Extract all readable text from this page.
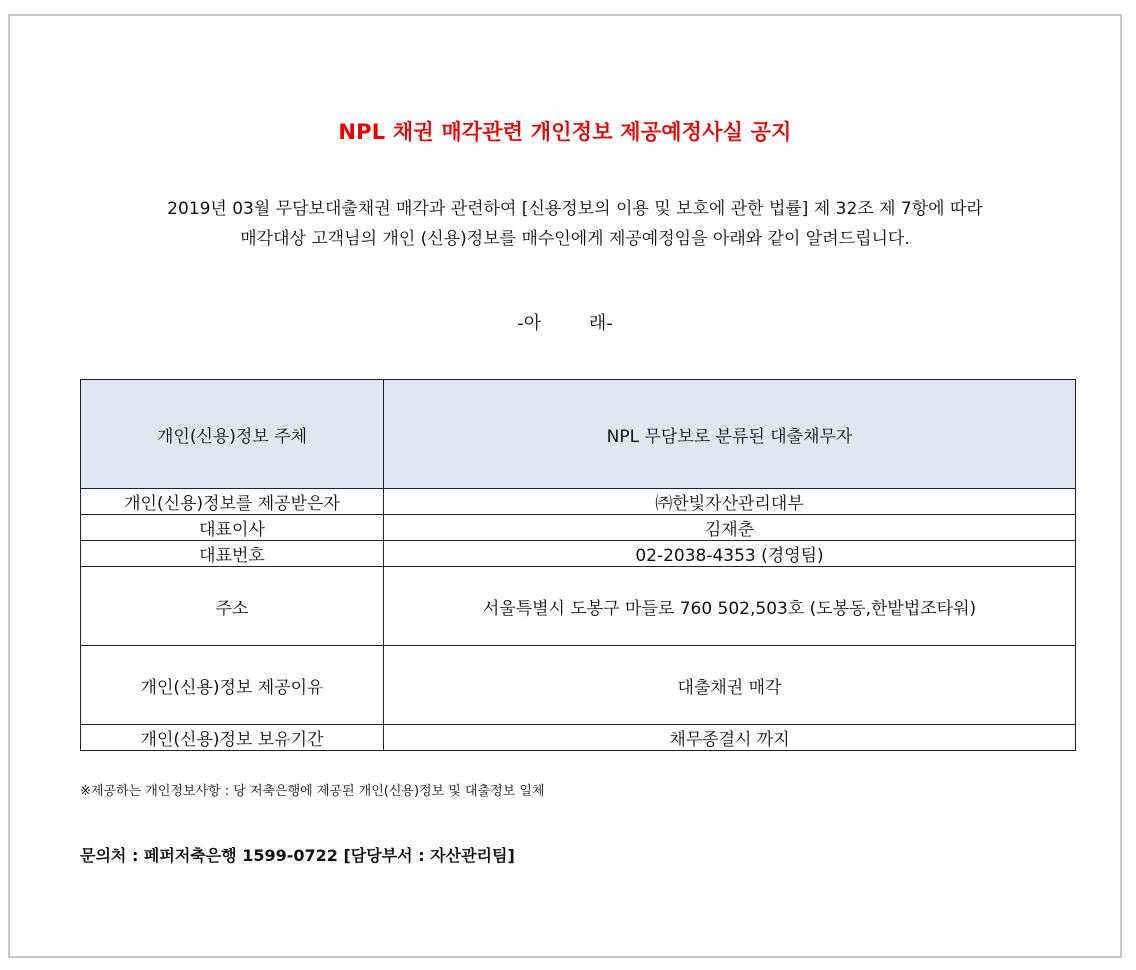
NPL 채권 매각관련 개인정보 제공예정사실 공지
2019년 03월 무담보대출채권 매각과 관련하여 [신용정보의 이용 및 보호에 관한 법률] 제 32조 제 7항에 따라
매각대상 고객님의 개인 (신용)정보를 매수인에게 제공예정임을 아래와 같이 알려드립니다.
-아 래-
개인(신용)정보 주체	NPL 무담보로 분류된 대출채무자
개인(신용)정보를 제공받은자	㈜한빛자산관리대부
대표이사	김재춘
대표번호	02-2038-4353 (경영팀)
주소	서울특별시 도봉구 마들로 760 502,503호 (도봉동,한밭법조타워)
개인(신용)정보 제공이유	대출채권 매각
개인(신용)정보 보유기간	채무종결시 까지
※제공하는 개인정보사항 : 당 저축은행에 제공된 개인(신용)정보 및 대출정보 일체
문의처 : 페퍼저축은행 1599-0722 [담당부서 : 자산관리팀]
